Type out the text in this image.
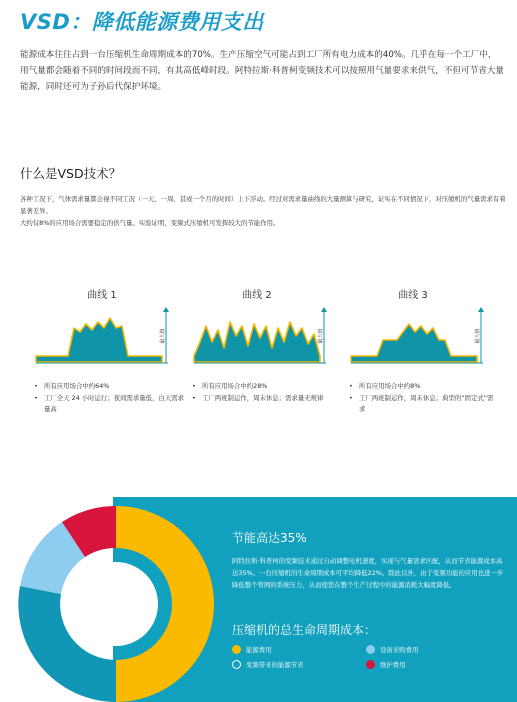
VSD：降低能源费用支出
能源成本往往占到一台压缩机生命周期成本的70%。生产压缩空气可能占到工厂所有电力成本的40%。几乎在每一个工厂中，用气量都会随着不同的时间段而不同，有其高低峰时段。阿特拉斯·科普柯变频技术可以按照用气量要求来供气，不但可节省大量能源，同时还可为子孙后代保护环境。
什么是VSD技术？
各种工况下，气体需求量都会视不同工况（一天、一周、甚或一个月的时间）上下浮动。经过对需求量曲线的大量测算与研究，证实在不同情况下，对压缩机的气量需求有着显著差异。
大约仅8%的应用场合需要稳定的供气量。实验证明，变频式压缩机可发挥较大的节能作用。
曲线 1
最大值
• 所有应用场合中约64%
• 工厂全天 24 小时运行；夜间需求量低，白天需求量高
曲线 2
最大值
• 所有应用场合中约28%
• 工厂两班制运作，周末休息；需求量无规律
曲线 3
最大值
• 所有应用场合中约8%
• 工厂两班制运作，周末休息；典型的“固定式”需求
节能高达35%
阿特拉斯·科普柯的变频技术通过自动调整电机速度，实现与气量需求匹配，从而节省能源成本高达35%。一台压缩机的生命周期成本可平均降低22%。除此以外，由于变频功能的应用也进一步降低整个管网的系统压力，从而使您在整个生产过程中的能源消耗大幅度降低。
压缩机的总生命周期成本：
能源费用	设备采购费用
变频带来的能源节省	维护费用
